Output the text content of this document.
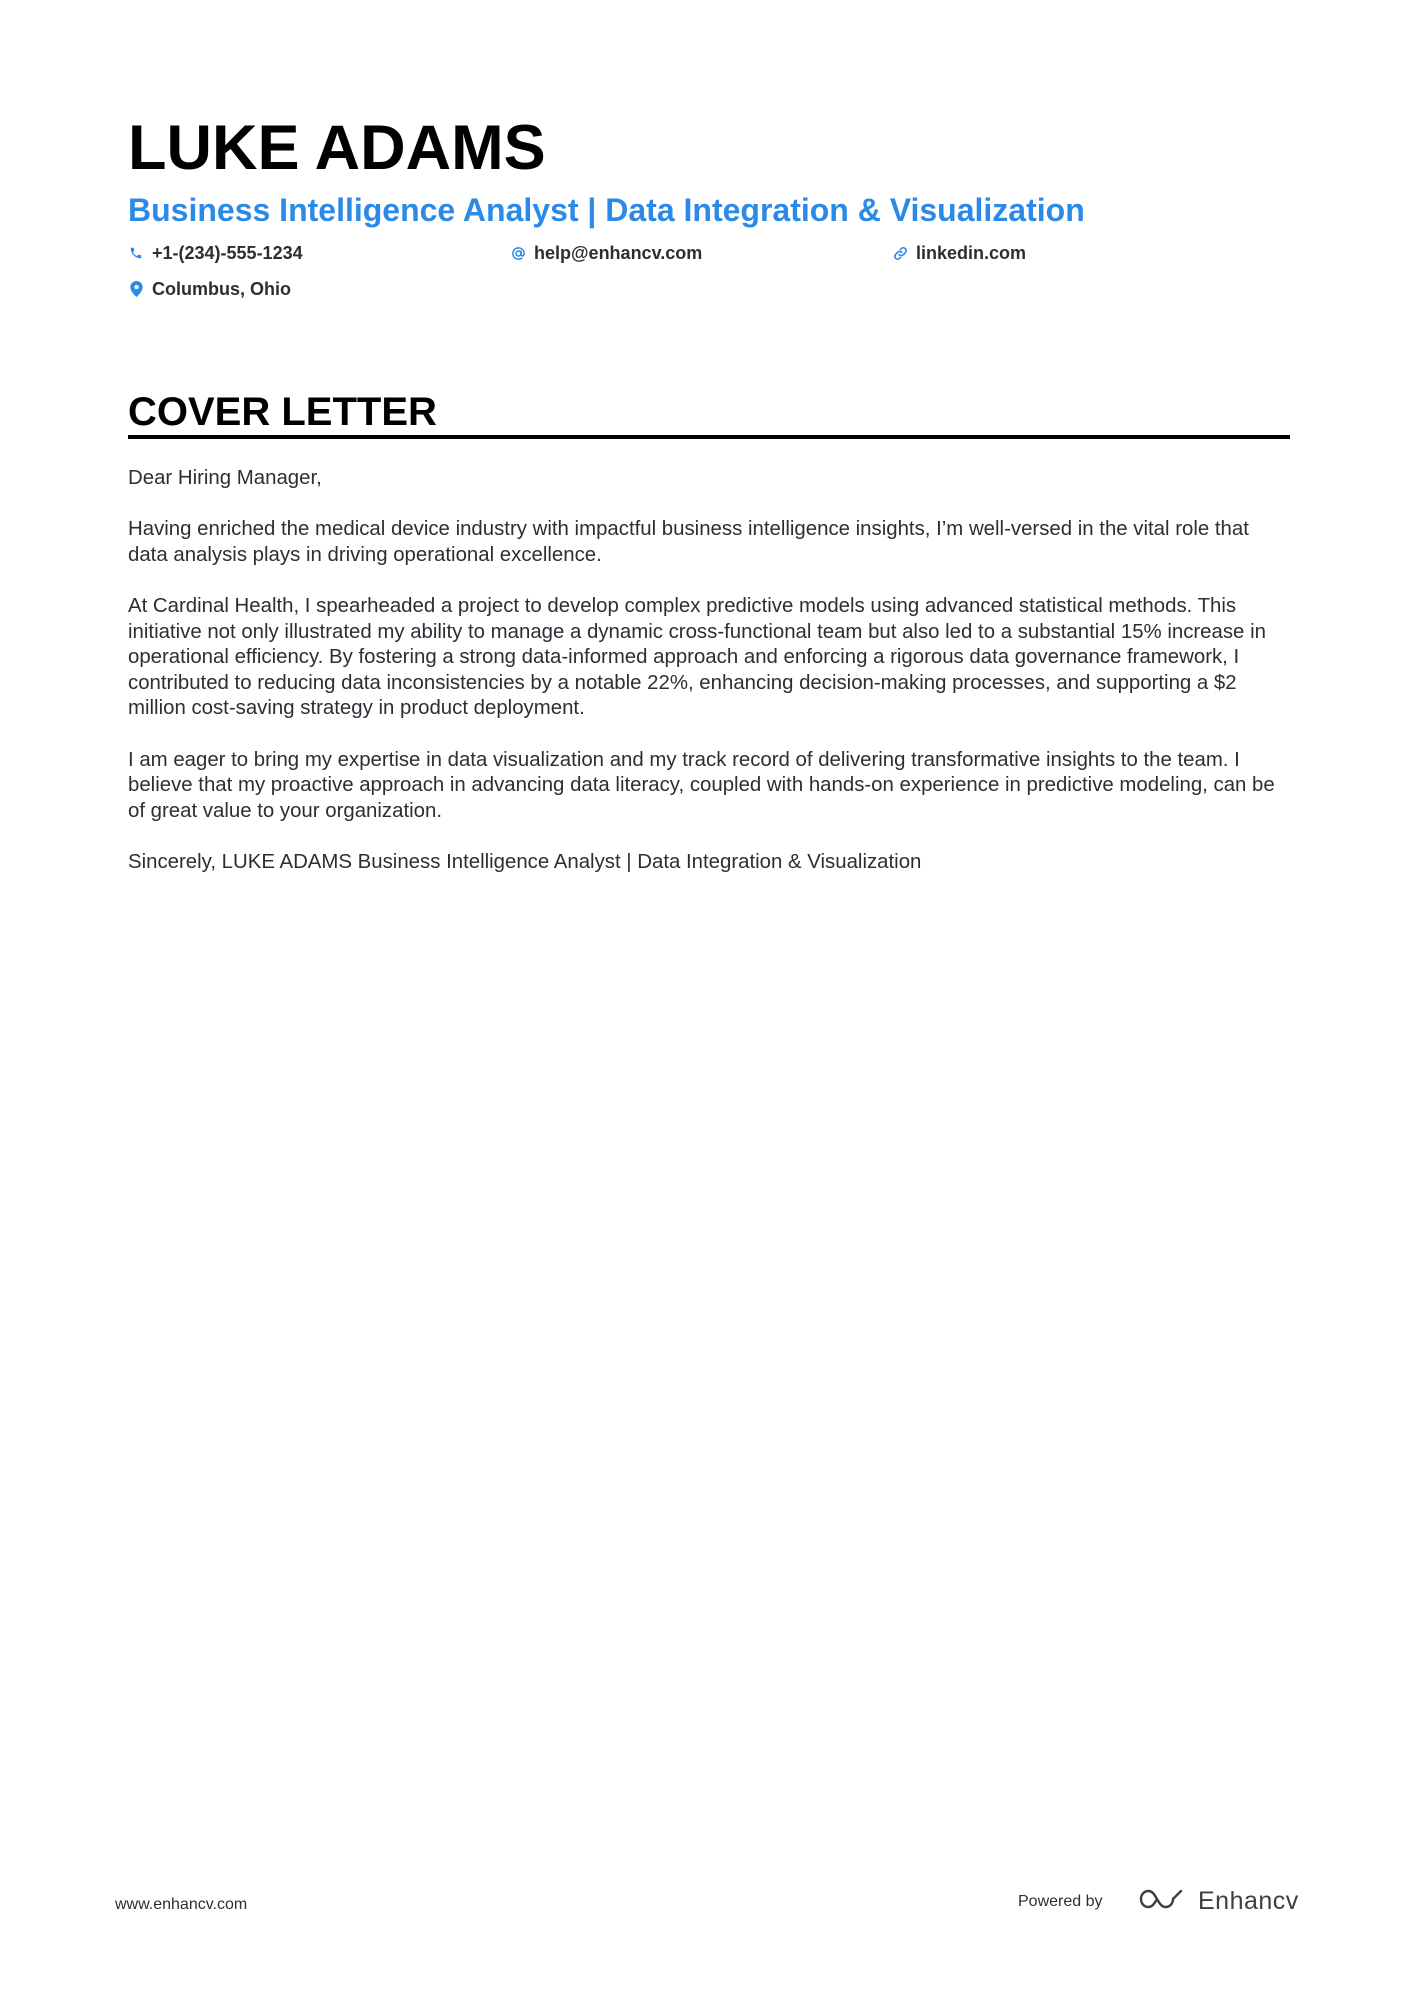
LUKE ADAMS
Business Intelligence Analyst | Data Integration & Visualization
+1-(234)-555-1234	help@enhancv.com	linkedin.com
Columbus, Ohio
COVER LETTER

Dear Hiring Manager,

Having enriched the medical device industry with impactful business intelligence insights, I’m well-versed in the vital role that data analysis plays in driving operational excellence.

At Cardinal Health, I spearheaded a project to develop complex predictive models using advanced statistical methods. This initiative not only illustrated my ability to manage a dynamic cross-functional team but also led to a substantial 15% increase in operational efficiency. By fostering a strong data-informed approach and enforcing a rigorous data governance framework, I contributed to reducing data inconsistencies by a notable 22%, enhancing decision-making processes, and supporting a $2 million cost-saving strategy in product deployment.

I am eager to bring my expertise in data visualization and my track record of delivering transformative insights to the team. I believe that my proactive approach in advancing data literacy, coupled with hands-on experience in predictive modeling, can be of great value to your organization.

Sincerely, LUKE ADAMS Business Intelligence Analyst | Data Integration & Visualization

www.enhancv.com	Powered by	Enhancv
